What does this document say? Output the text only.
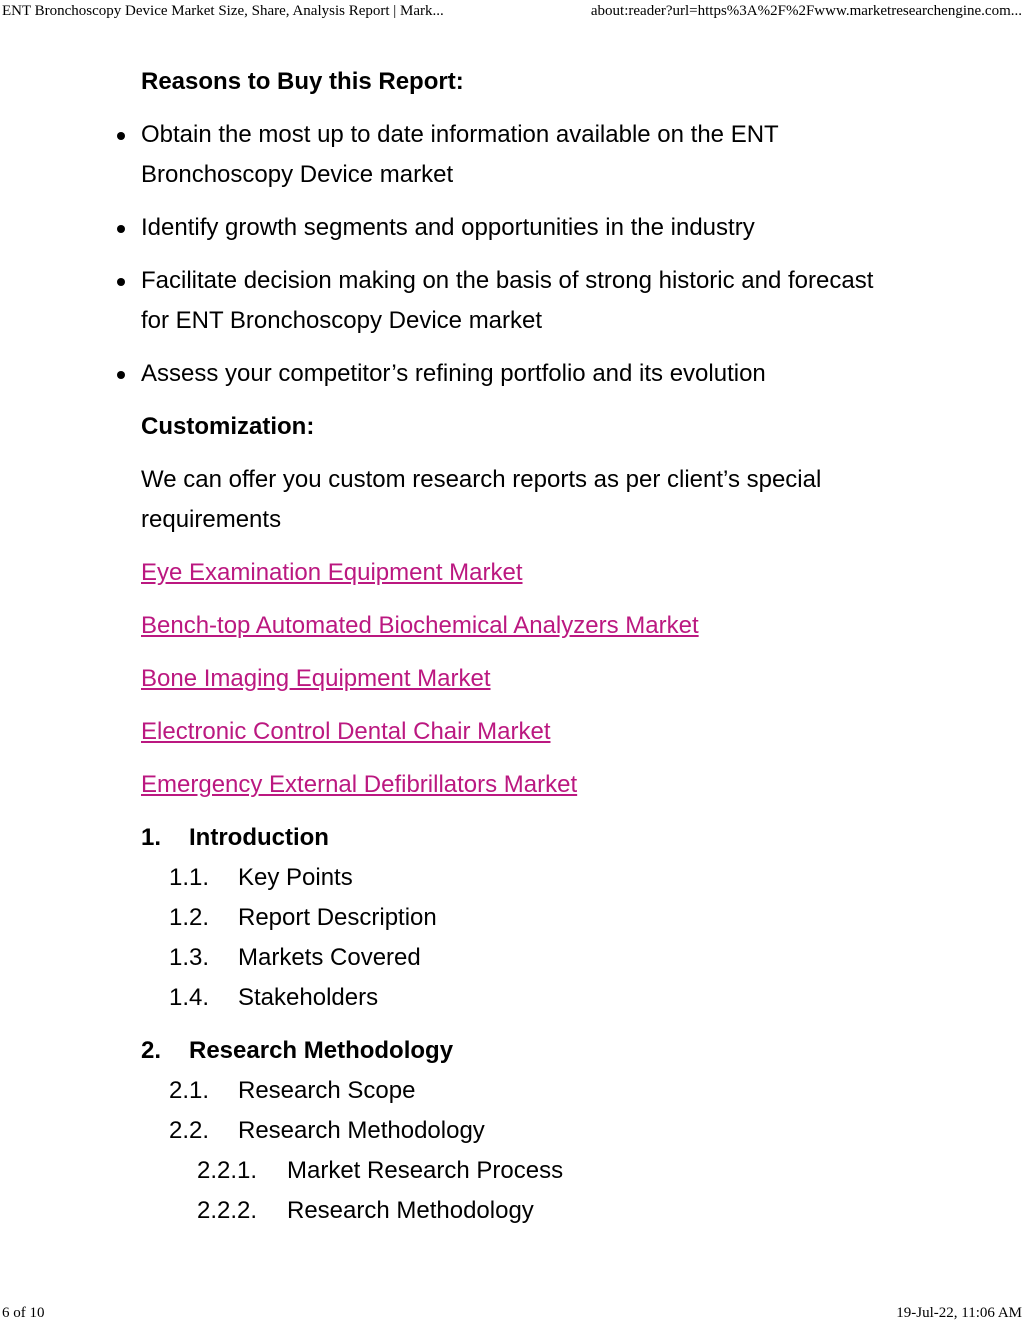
ENT Bronchoscopy Device Market Size, Share, Analysis Report | Mark...	about:reader?url=https%3A%2F%2Fwww.marketresearchengine.com...
Reasons to Buy this Report:
Obtain the most up to date information available on the ENT Bronchoscopy Device market
Identify growth segments and opportunities in the industry
Facilitate decision making on the basis of strong historic and forecast for ENT Bronchoscopy Device market
Assess your competitor’s refining portfolio and its evolution
Customization:
We can offer you custom research reports as per client’s special requirements
Eye Examination Equipment Market
Bench-top Automated Biochemical Analyzers Market
Bone Imaging Equipment Market
Electronic Control Dental Chair Market
Emergency External Defibrillators Market
1.	Introduction
1.1.	Key Points
1.2.	Report Description
1.3.	Markets Covered
1.4.	Stakeholders
2.	Research Methodology
2.1.	Research Scope
2.2.	Research Methodology
2.2.1.	Market Research Process
2.2.2.	Research Methodology
6 of 10	19-Jul-22, 11:06 AM
